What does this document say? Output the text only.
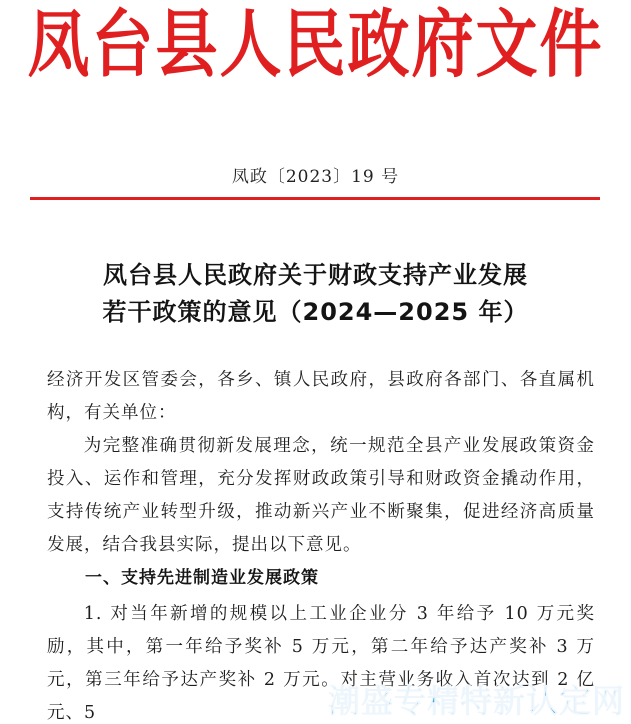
凤台县人民政府文件
凤政〔2023〕19 号
凤台县人民政府关于财政支持产业发展
若干政策的意见（2024—2025 年）
经济开发区管委会，各乡、镇人民政府，县政府各部门、各直属机构，有关单位：
为完整准确贯彻新发展理念，统一规范全县产业发展政策资金投入、运作和管理，充分发挥财政政策引导和财政资金撬动作用，支持传统产业转型升级，推动新兴产业不断聚集，促进经济高质量发展，结合我县实际，提出以下意见。
一、支持先进制造业发展政策
1. 对当年新增的规模以上工业企业分 3 年给予 10 万元奖励，其中，第一年给予奖补 5 万元，第二年给予达产奖补 3 万元，第三年给予达产奖补 2 万元。对主营业务收入首次达到 2 亿元、5	潮盛专精特新认定网
